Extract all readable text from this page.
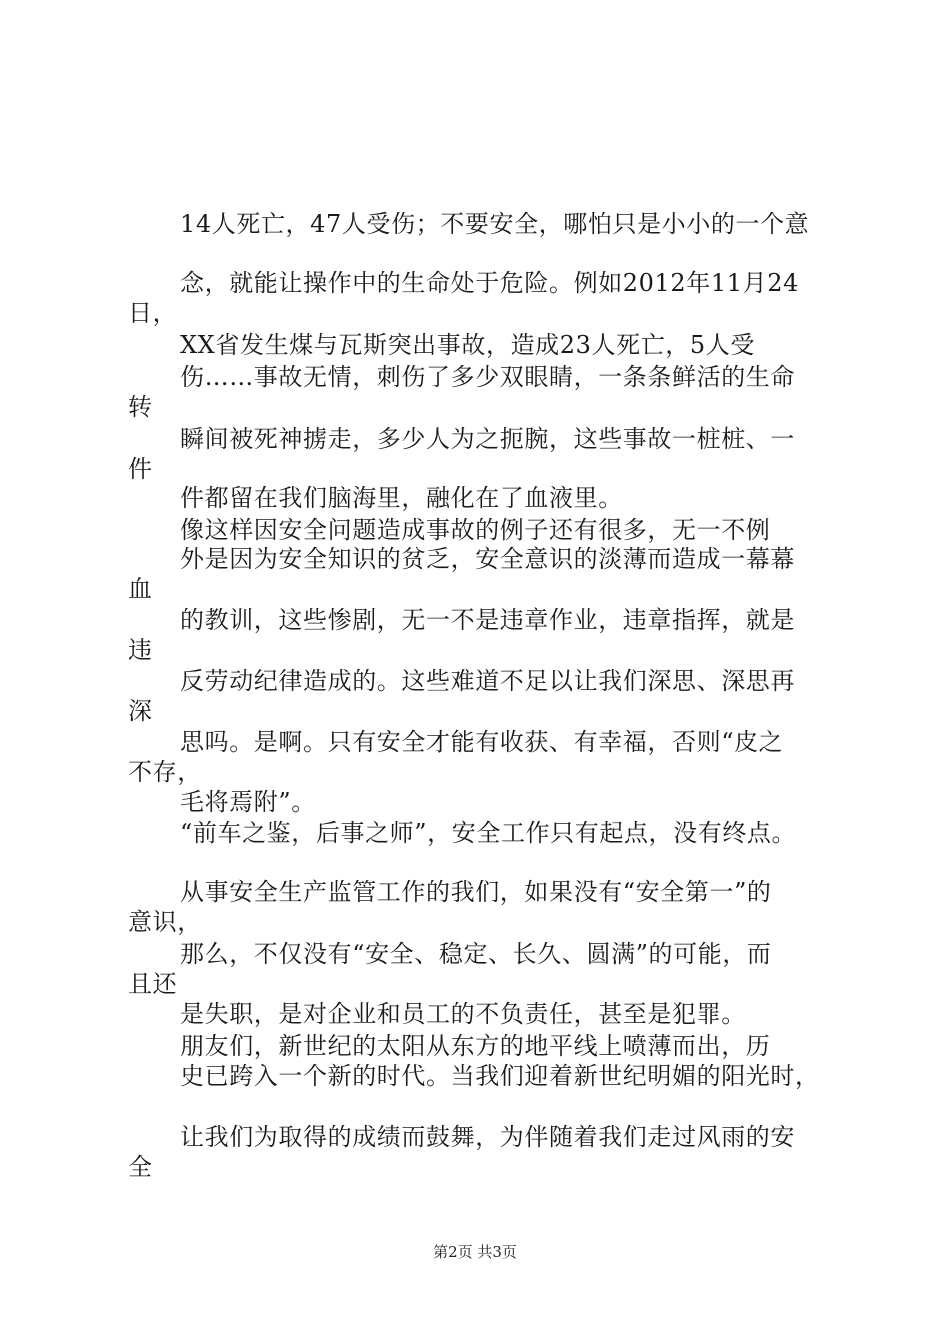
14人死亡，47人受伤；不要安全，哪怕只是小小的一个意
念，就能让操作中的生命处于危险。例如2012年11月24
日，
XX省发生煤与瓦斯突出事故，造成23人死亡，5人受
伤……事故无情，刺伤了多少双眼睛，一条条鲜活的生命
转
瞬间被死神掳走，多少人为之扼腕，这些事故一桩桩、一
件
件都留在我们脑海里，融化在了血液里。
像这样因安全问题造成事故的例子还有很多，无一不例
外是因为安全知识的贫乏，安全意识的淡薄而造成一幕幕
血
的教训，这些惨剧，无一不是违章作业，违章指挥，就是
违
反劳动纪律造成的。这些难道不足以让我们深思、深思再
深
思吗。是啊。只有安全才能有收获、有幸福，否则“皮之
不存，
毛将焉附”。
“前车之鉴，后事之师”，安全工作只有起点，没有终点。
从事安全生产监管工作的我们，如果没有“安全第一”的
意识，
那么，不仅没有“安全、稳定、长久、圆满”的可能，而
且还
是失职，是对企业和员工的不负责任，甚至是犯罪。
朋友们，新世纪的太阳从东方的地平线上喷薄而出，历
史已跨入一个新的时代。当我们迎着新世纪明媚的阳光时，
让我们为取得的成绩而鼓舞，为伴随着我们走过风雨的安
全
第2页 共3页
